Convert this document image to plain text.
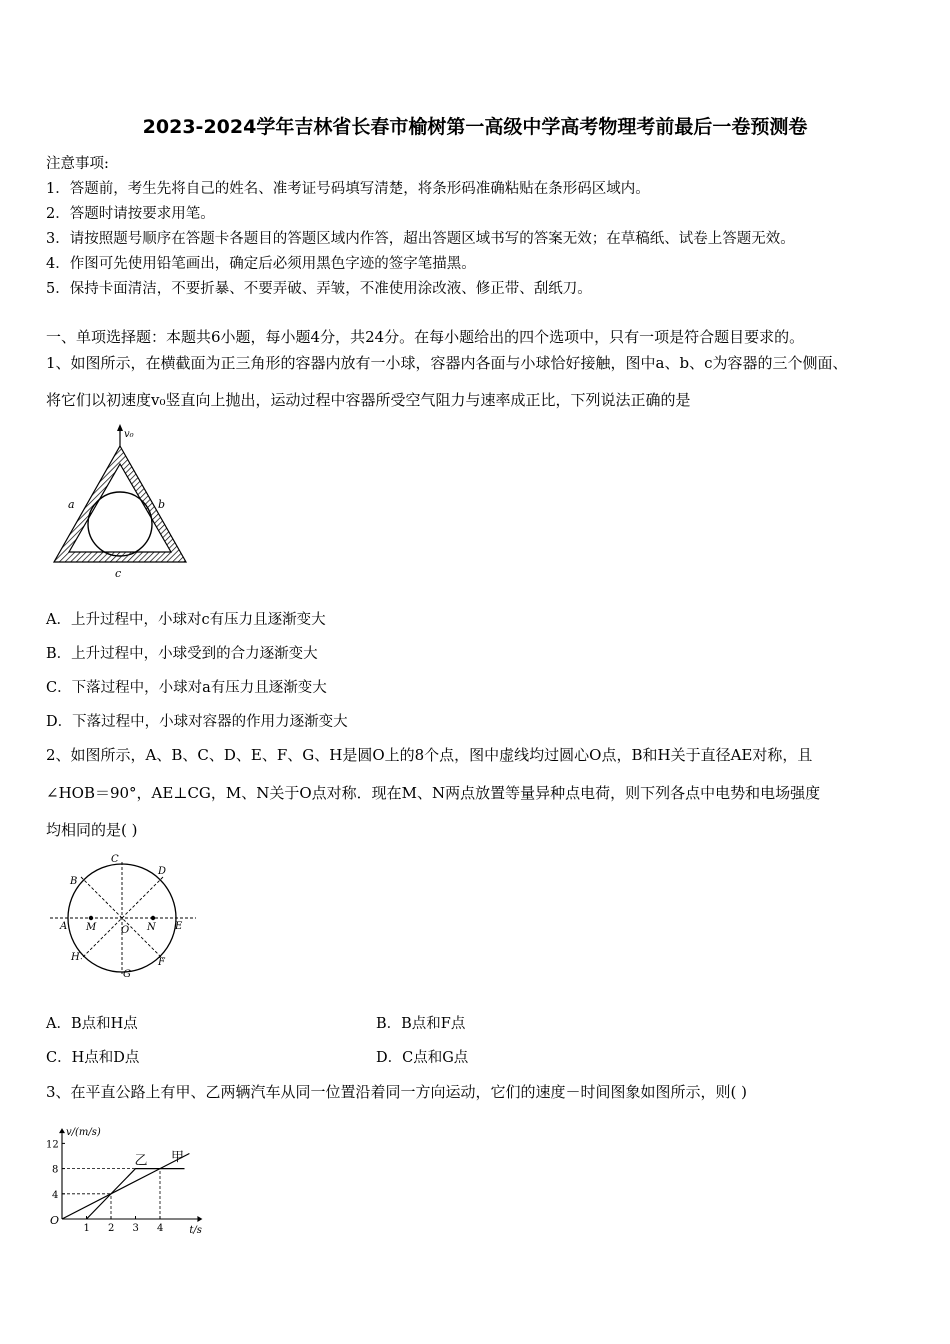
2023-2024学年吉林省长春市榆树第一高级中学高考物理考前最后一卷预测卷
注意事项:
1．答题前，考生先将自己的姓名、准考证号码填写清楚，将条形码准确粘贴在条形码区域内。
2．答题时请按要求用笔。
3．请按照题号顺序在答题卡各题目的答题区域内作答，超出答题区域书写的答案无效；在草稿纸、试卷上答题无效。
4．作图可先使用铅笔画出，确定后必须用黑色字迹的签字笔描黑。
5．保持卡面清洁，不要折暴、不要弄破、弄皱，不准使用涂改液、修正带、刮纸刀。
一、单项选择题：本题共6小题，每小题4分，共24分。在每小题给出的四个选项中，只有一项是符合题目要求的。
1、如图所示，在横截面为正三角形的容器内放有一小球，容器内各面与小球恰好接触，图中a、b、c为容器的三个侧面、
将它们以初速度v₀竖直向上抛出，运动过程中容器所受空气阻力与速率成正比，下列说法正确的是
v₀
a	b
c
A．上升过程中，小球对c有压力且逐渐变大
B．上升过程中，小球受到的合力逐渐变大
C．下落过程中，小球对a有压力且逐渐变大
D．下落过程中，小球对容器的作用力逐渐变大
2、如图所示，A、B、C、D、E、F、G、H是圆O上的8个点，图中虚线均过圆心O点，B和H关于直径AE对称，且
∠HOB＝90°，AE⊥CG，M、N关于O点对称．现在M、N两点放置等量异种点电荷，则下列各点中电势和电场强度
均相同的是( )
A
B
C
D
E
F
G
H
M	N
O
A．B点和H点	B．B点和F点
C．H点和D点	D．C点和G点
3、在平直公路上有甲、乙两辆汽车从同一位置沿着同一方向运动，它们的速度－时间图象如图所示，则( )
v/(m/s)
t/s
O
1 2 3 4
4
8
12
甲
乙
